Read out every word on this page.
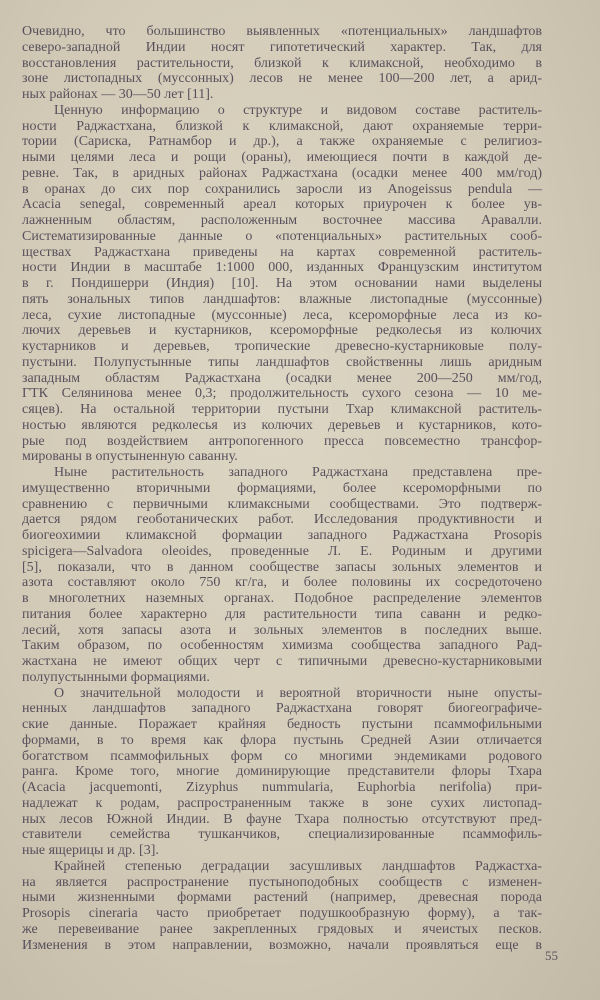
Очевидно, что большинство выявленных «потенциальных» ландшафтов
северо-западной Индии носят гипотетический характер. Так, для
восстановления растительности, близкой к климаксной, необходимо в
зоне листопадных (муссонных) лесов не менее 100—200 лет, а арид-
ных районах — 30—50 лет [11].
Ценную информацию о структуре и видовом составе раститель-
ности Раджастхана, близкой к климаксной, дают охраняемые терри-
тории (Сариска, Ратнамбор и др.), а также охраняемые с религиоз-
ными целями леса и рощи (ораны), имеющиеся почти в каждой де-
ревне. Так, в аридных районах Раджастхана (осадки менее 400 мм/год)
в оранах до сих пор сохранились заросли из Anogeissus pendula —
Acacia senegal, современный ареал которых приурочен к более ув-
лажненным областям, расположенным восточнее массива Аравалли.
Систематизированные данные о «потенциальных» растительных сооб-
ществах Раджастхана приведены на картах современной раститель-
ности Индии в масштабе 1:1000 000, изданных Французским институтом
в г. Пондишерри (Индия) [10]. На этом основании нами выделены
пять зональных типов ландшафтов: влажные листопадные (муссонные)
леса, сухие листопадные (муссонные) леса, ксероморфные леса из ко-
лючих деревьев и кустарников, ксероморфные редколесья из колючих
кустарников и деревьев, тропические древесно-кустарниковые полу-
пустыни. Полупустынные типы ландшафтов свойственны лишь аридным
западным областям Раджастхана (осадки менее 200—250 мм/год,
ГТК Селянинова менее 0,3; продолжительность сухого сезона — 10 ме-
сяцев). На остальной территории пустыни Тхар климаксной раститель-
ностью являются редколесья из колючих деревьев и кустарников, кото-
рые под воздействием антропогенного пресса повсеместно трансфор-
мированы в опустыненную саванну.
Ныне растительность западного Раджастхана представлена пре-
имущественно вторичными формациями, более ксероморфными по
сравнению с первичными климаксными сообществами. Это подтверж-
дается рядом геоботанических работ. Исследования продуктивности и
биогеохимии климаксной формации западного Раджастхана Prosopis
spicigera—Salvadora oleoides, проведенные Л. Е. Родиным и другими
[5], показали, что в данном сообществе запасы зольных элементов и
азота составляют около 750 кг/га, и более половины их сосредоточено
в многолетних наземных органах. Подобное распределение элементов
питания более характерно для растительности типа саванн и редко-
лесий, хотя запасы азота и зольных элементов в последних выше.
Таким образом, по особенностям химизма сообщества западного Рад-
жастхана не имеют общих черт с типичными древесно-кустарниковыми
полупустынными формациями.
О значительной молодости и вероятной вторичности ныне опусты-
ненных ландшафтов западного Раджастхана говорят биогеографиче-
ские данные. Поражает крайняя бедность пустыни псаммофильными
формами, в то время как флора пустынь Средней Азии отличается
богатством псаммофильных форм со многими эндемиками родового
ранга. Кроме того, многие доминирующие представители флоры Тхара
(Acacia jacquemonti, Zizyphus nummularia, Euphorbia nerifolia) при-
надлежат к родам, распространенным также в зоне сухих листопад-
ных лесов Южной Индии. В фауне Тхара полностью отсутствуют пред-
ставители семейства тушканчиков, специализированные псаммофиль-
ные ящерицы и др. [3].
Крайней степенью деградации засушливых ландшафтов Раджастха-
на является распространение пустыноподобных сообществ с изменен-
ными жизненными формами растений (например, древесная порода
Prosopis cineraria часто приобретает подушкообразную форму), а так-
же перевеивание ранее закрепленных грядовых и ячеистых песков.
Изменения в этом направлении, возможно, начали проявляться еще в
55
